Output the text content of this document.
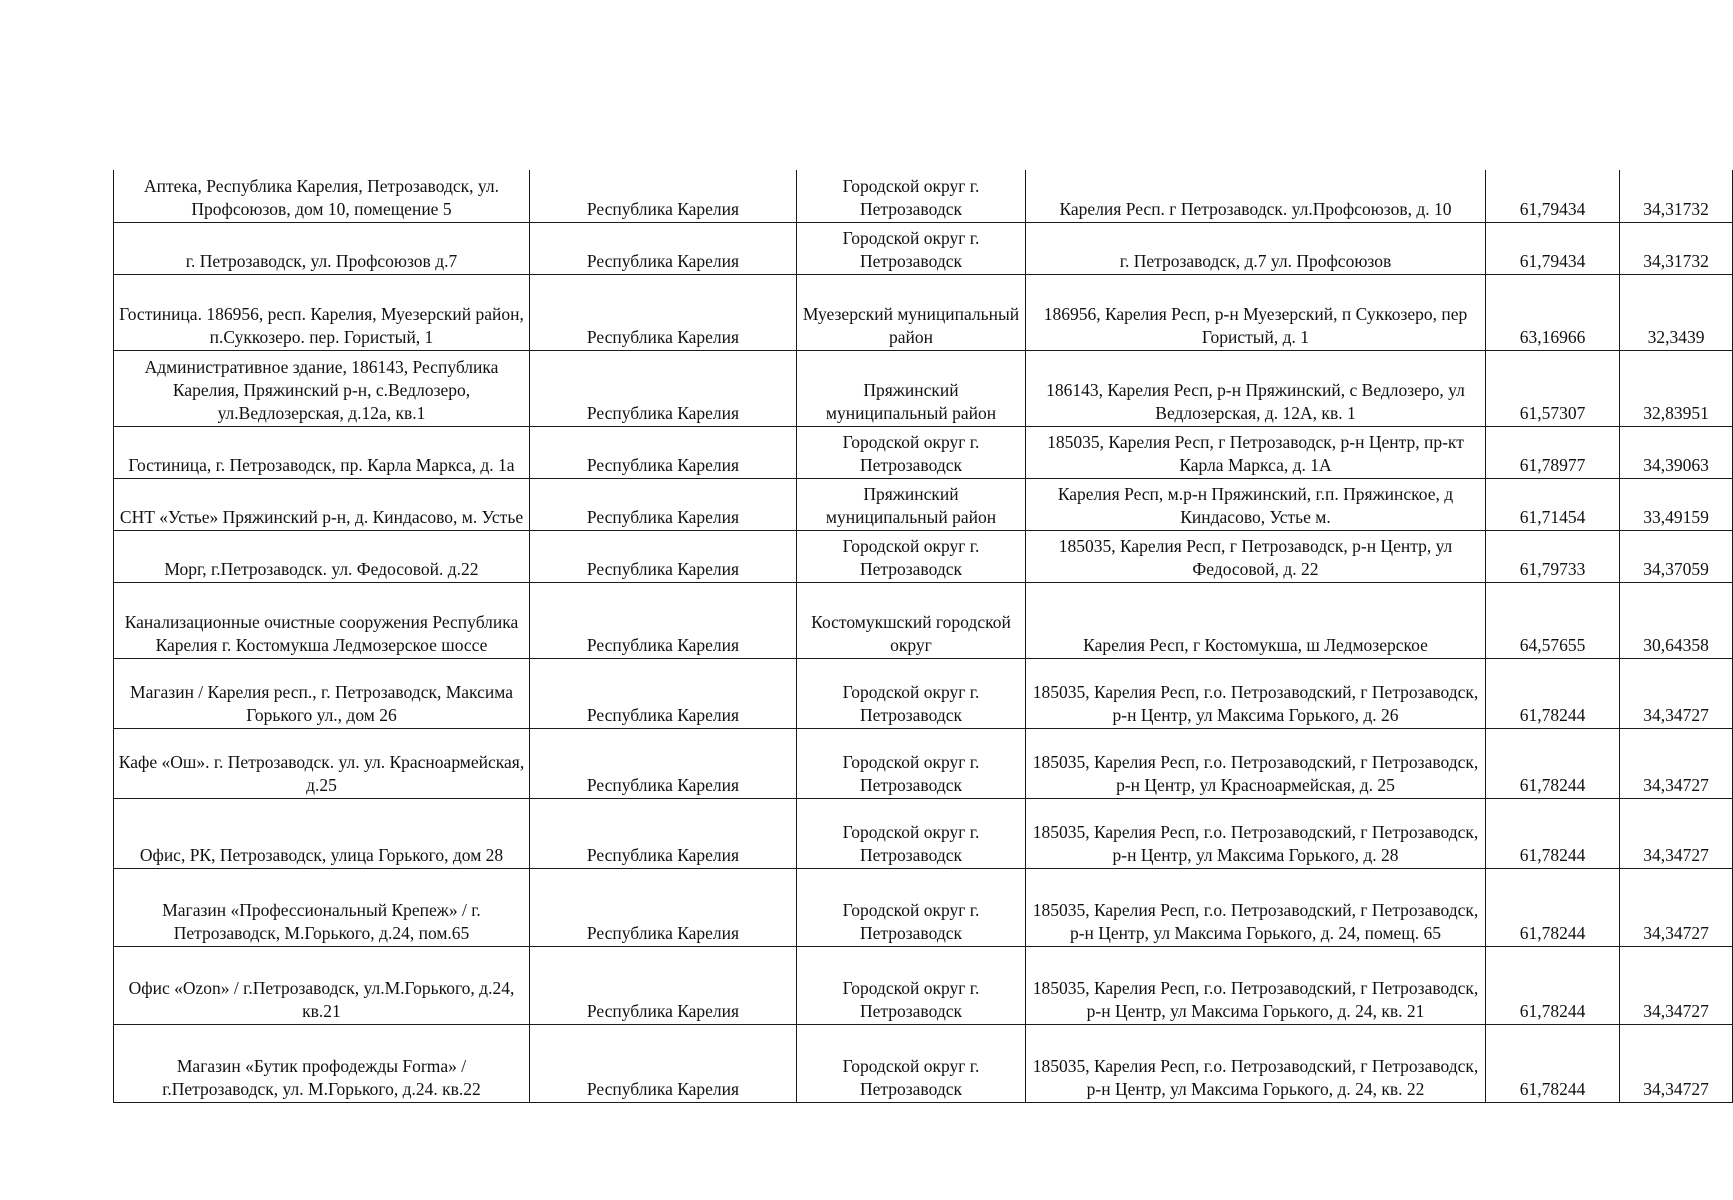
Аптека, Республика Карелия, Петрозаводск, ул. Профсоюзов, дом 10, помещение 5	Республика Карелия	Городской округ г. Петрозаводск	Карелия Респ. г Петрозаводск. ул.Профсоюзов, д. 10	61,79434	34,31732
г. Петрозаводск, ул. Профсоюзов д.7	Республика Карелия	Городской округ г. Петрозаводск	г. Петрозаводск, д.7 ул. Профсоюзов	61,79434	34,31732
Гостиница. 186956, респ. Карелия, Муезерский район, п.Суккозеро. пер. Гористый, 1	Республика Карелия	Муезерский муниципальный район	186956, Карелия Респ, р-н Муезерский, п Суккозеро, пер Гористый, д. 1	63,16966	32,3439
Административное здание, 186143, Республика Карелия, Пряжинский р-н, с.Ведлозеро, ул.Ведлозерская, д.12а, кв.1	Республика Карелия	Пряжинский муниципальный район	186143, Карелия Респ, р-н Пряжинский, с Ведлозеро, ул Ведлозерская, д. 12А, кв. 1	61,57307	32,83951
Гостиница, г. Петрозаводск, пр. Карла Маркса, д. 1а	Республика Карелия	Городской округ г. Петрозаводск	185035, Карелия Респ, г Петрозаводск, р-н Центр, пр-кт Карла Маркса, д. 1А	61,78977	34,39063
СНТ «Устье» Пряжинский р-н, д. Киндасово, м. Устье	Республика Карелия	Пряжинский муниципальный район	Карелия Респ, м.р-н Пряжинский, г.п. Пряжинское, д Киндасово, Устье м.	61,71454	33,49159
Морг, г.Петрозаводск. ул. Федосовой. д.22	Республика Карелия	Городской округ г. Петрозаводск	185035, Карелия Респ, г Петрозаводск, р-н Центр, ул Федосовой, д. 22	61,79733	34,37059
Канализационные очистные сооружения Республика Карелия г. Костомукша Ледмозерское шоссе	Республика Карелия	Костомукшский городской округ	Карелия Респ, г Костомукша, ш Ледмозерское	64,57655	30,64358
Магазин / Карелия респ., г. Петрозаводск, Максима Горького ул., дом 26	Республика Карелия	Городской округ г. Петрозаводск	185035, Карелия Респ, г.о. Петрозаводский, г Петрозаводск, р-н Центр, ул Максима Горького, д. 26	61,78244	34,34727
Кафе «Ош». г. Петрозаводск. ул. ул. Красноармейская, д.25	Республика Карелия	Городской округ г. Петрозаводск	185035, Карелия Респ, г.о. Петрозаводский, г Петрозаводск, р-н Центр, ул Красноармейская, д. 25	61,78244	34,34727
Офис, РК, Петрозаводск, улица Горького, дом 28	Республика Карелия	Городской округ г. Петрозаводск	185035, Карелия Респ, г.о. Петрозаводский, г Петрозаводск, р-н Центр, ул Максима Горького, д. 28	61,78244	34,34727
Магазин «Профессиональный Крепеж» / г. Петрозаводск, М.Горького, д.24, пом.65	Республика Карелия	Городской округ г. Петрозаводск	185035, Карелия Респ, г.о. Петрозаводский, г Петрозаводск, р-н Центр, ул Максима Горького, д. 24, помещ. 65	61,78244	34,34727
Офис «Ozon» / г.Петрозаводск, ул.М.Горького, д.24, кв.21	Республика Карелия	Городской округ г. Петрозаводск	185035, Карелия Респ, г.о. Петрозаводский, г Петрозаводск, р-н Центр, ул Максима Горького, д. 24, кв. 21	61,78244	34,34727
Магазин «Бутик профодежды Forma» / г.Петрозаводск, ул. М.Горького, д.24. кв.22	Республика Карелия	Городской округ г. Петрозаводск	185035, Карелия Респ, г.о. Петрозаводский, г Петрозаводск, р-н Центр, ул Максима Горького, д. 24, кв. 22	61,78244	34,34727
